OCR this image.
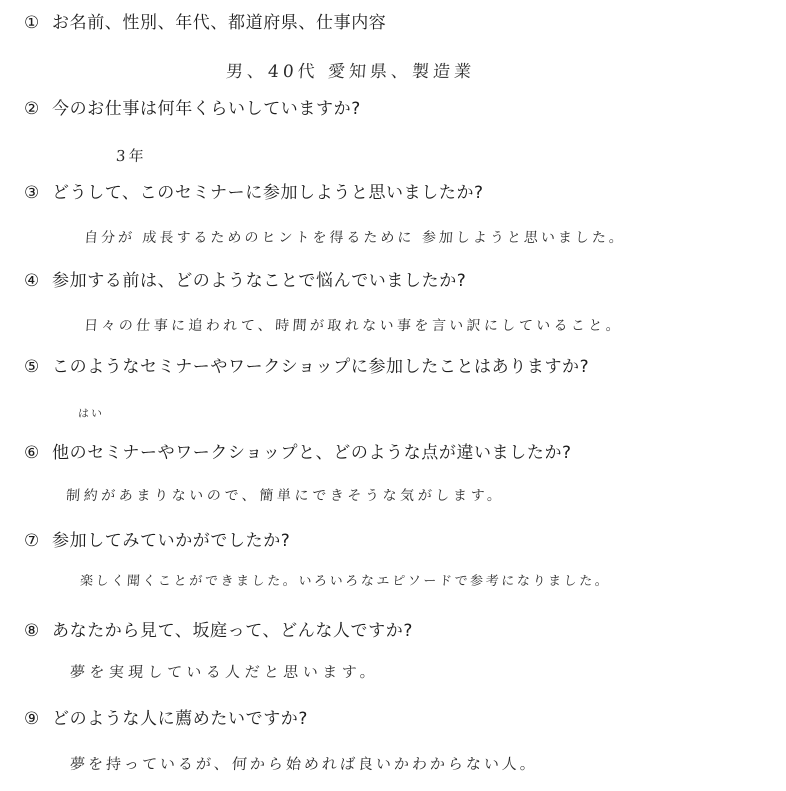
① お名前、性別、年代、都道府県、仕事内容
男、40代 愛知県、製造業
② 今のお仕事は何年くらいしていますか?
3年
③ どうして、このセミナーに参加しようと思いましたか?
自分が 成長するためのヒントを得るために 参加しようと思いました。
④ 参加する前は、どのようなことで悩んでいましたか?
日々の仕事に追われて、時間が取れない事を言い訳にしていること。
⑤ このようなセミナーやワークショップに参加したことはありますか?
はい
⑥ 他のセミナーやワークショップと、どのような点が違いましたか?
制約があまりないので、簡単にできそうな気がします。
⑦ 参加してみていかがでしたか?
楽しく聞くことができました。いろいろなエピソードで参考になりました。
⑧ あなたから見て、坂庭って、どんな人ですか?
夢を実現している人だと思います。
⑨ どのような人に薦めたいですか?
夢を持っているが、何から始めれば良いかわからない人。
